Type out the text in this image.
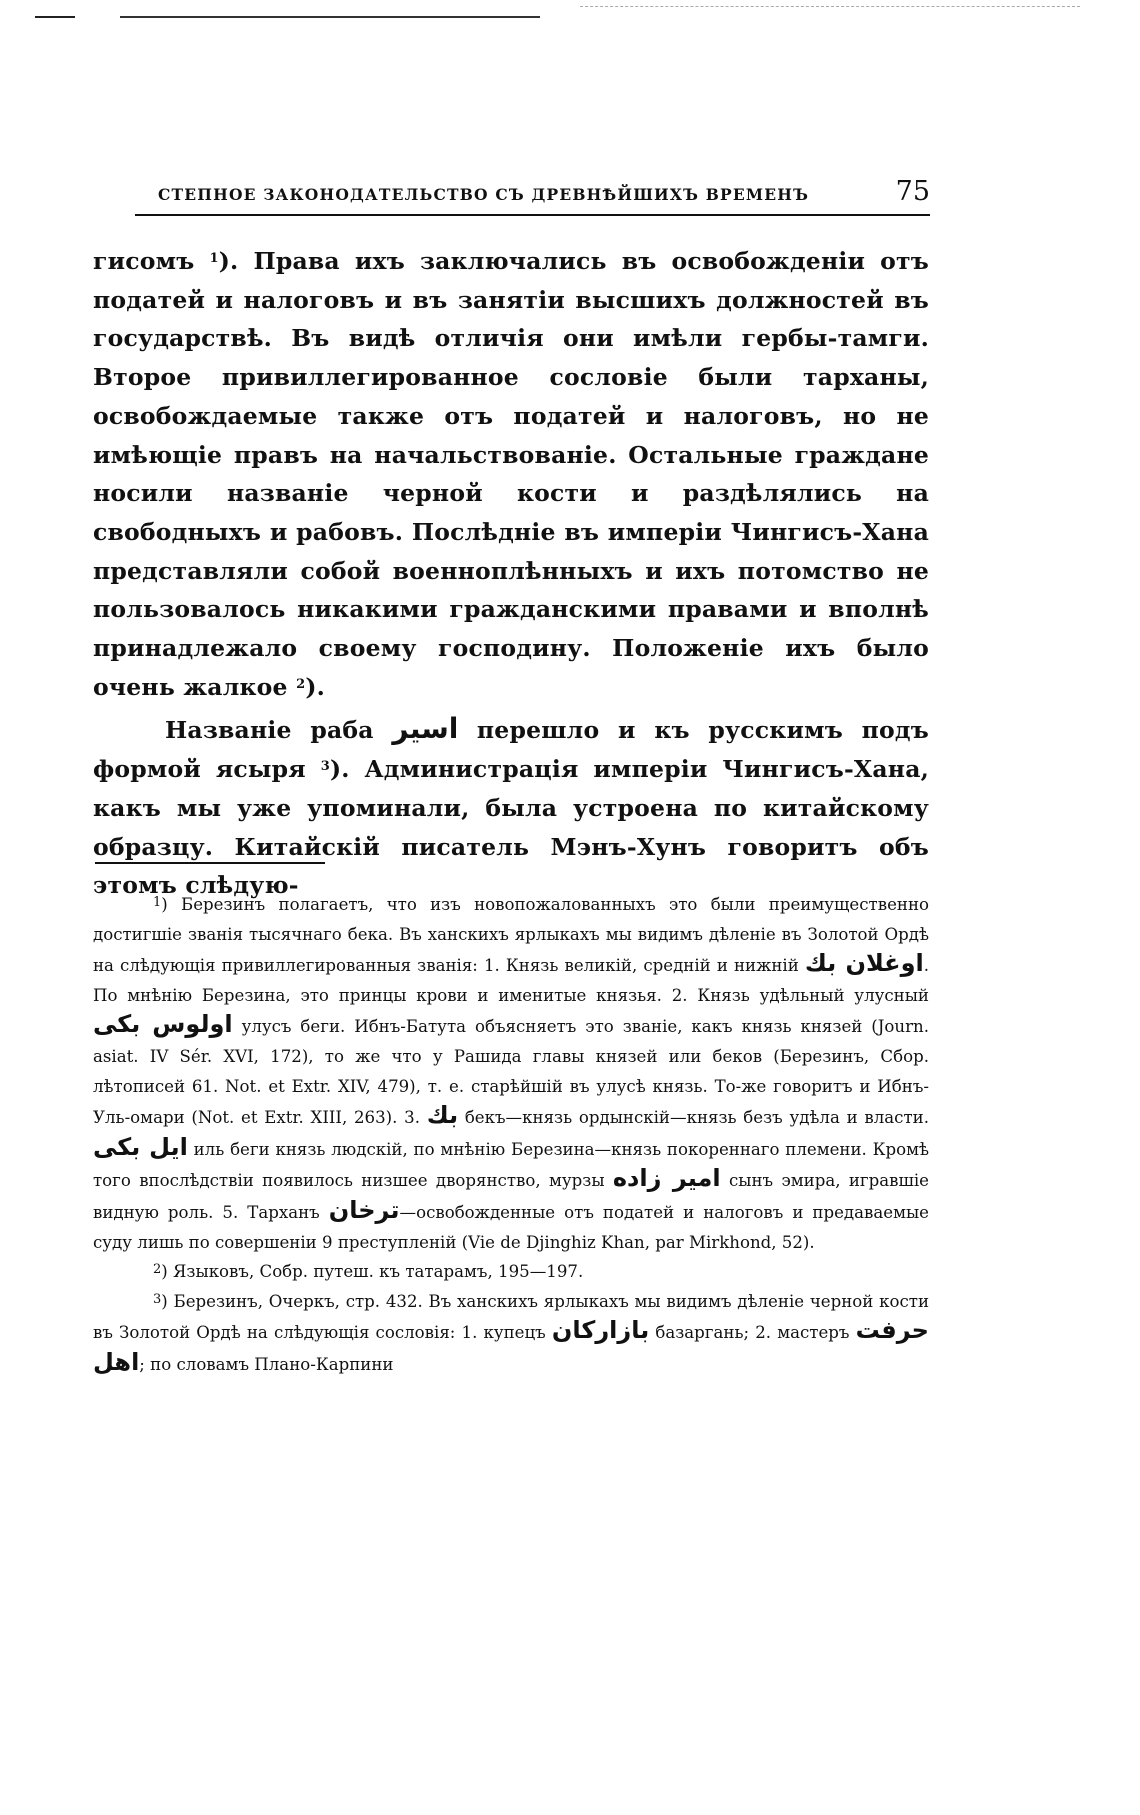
СТЕПНОЕ ЗАКОНОДАТЕЛЬСТВО СЪ ДРЕВНѢЙШИХЪ ВРЕМЕНЪ	75

гисомъ $^1$). Права ихъ заключались въ освобожденіи отъ податей и налоговъ и въ занятіи высшихъ должностей въ государствѣ. Въ видѣ отличія они имѣли гербы-тамги. Второе привиллегированное сословіе были тарханы, освобождаемые также отъ податей и налоговъ, но не имѣющіе правъ на начальствованіе. Остальные граждане носили названіе черной кости и раздѣлялись на свободныхъ и рабовъ. Послѣдніе въ имперіи Чингисъ-Хана представляли собой военноплѣнныхъ и ихъ потомство не пользовалось никакими гражданскими правами и вполнѣ принадлежало своему господину. Положеніе ихъ было очень жалкое $^2$).

Названіе раба اسیر перешло и къ русскимъ подъ формой ясыря $^3$). Администрація имперіи Чингисъ-Хана, какъ мы уже упоминали, была устроена по китайскому образцу. Китайскій писатель Мэнъ-Хунъ говоритъ объ этомъ слѣдую-

$^1$) Березинъ полагаетъ, что изъ новопожалованныхъ это были преимущественно достигшіе званія тысячнаго бека. Въ ханскихъ ярлыкахъ мы видимъ дѣленіе въ Золотой Ордѣ на слѣдующія привиллегированныя званія: 1. Князь великій, средній и нижній اوغلان بك. По мнѣнію Березина, это принцы крови и именитые князья. 2. Князь удѣльный улусный اولوس بکی улусъ беги. Ибнъ-Батута объясняетъ это званіе, какъ князь князей (Journ. asiat. IV Sér. XVI, 172), то же что у Рашида главы князей или беков (Березинъ, Сбор. лѣтописей 61. Not. et Extr. XIV, 479), т. е. старѣйшій въ улусѣ князь. То-же говоритъ и Ибнъ-Уль-омари (Not. et Extr. XIII, 263). 3. بك бекъ—князь ордынскій—князь безъ удѣла и власти. ایل بکی иль беги князь людскій, по мнѣнію Березина—князь покореннаго племени. Кромѣ того впослѣдствіи появилось низшее дворянство, мурзы امیر زاده сынъ эмира, игравшіе видную роль. 5. Тарханъ ترخان—освобожденные отъ податей и налоговъ и предаваемые суду лишь по совершеніи 9 преступленій (Vie de Djinghiz Khan, par Mirkhond, 52).

$^2$) Языковъ, Собр. путеш. къ татарамъ, 195—197.

$^3$) Березинъ, Очеркъ, стр. 432. Въ ханскихъ ярлыкахъ мы видимъ дѣленіе черной кости въ Золотой Ордѣ на слѣдующія сословія: 1. купецъ بازارکان базаргань; 2. мастеръ حرفت اهل; по словамъ Плано-Карпини
